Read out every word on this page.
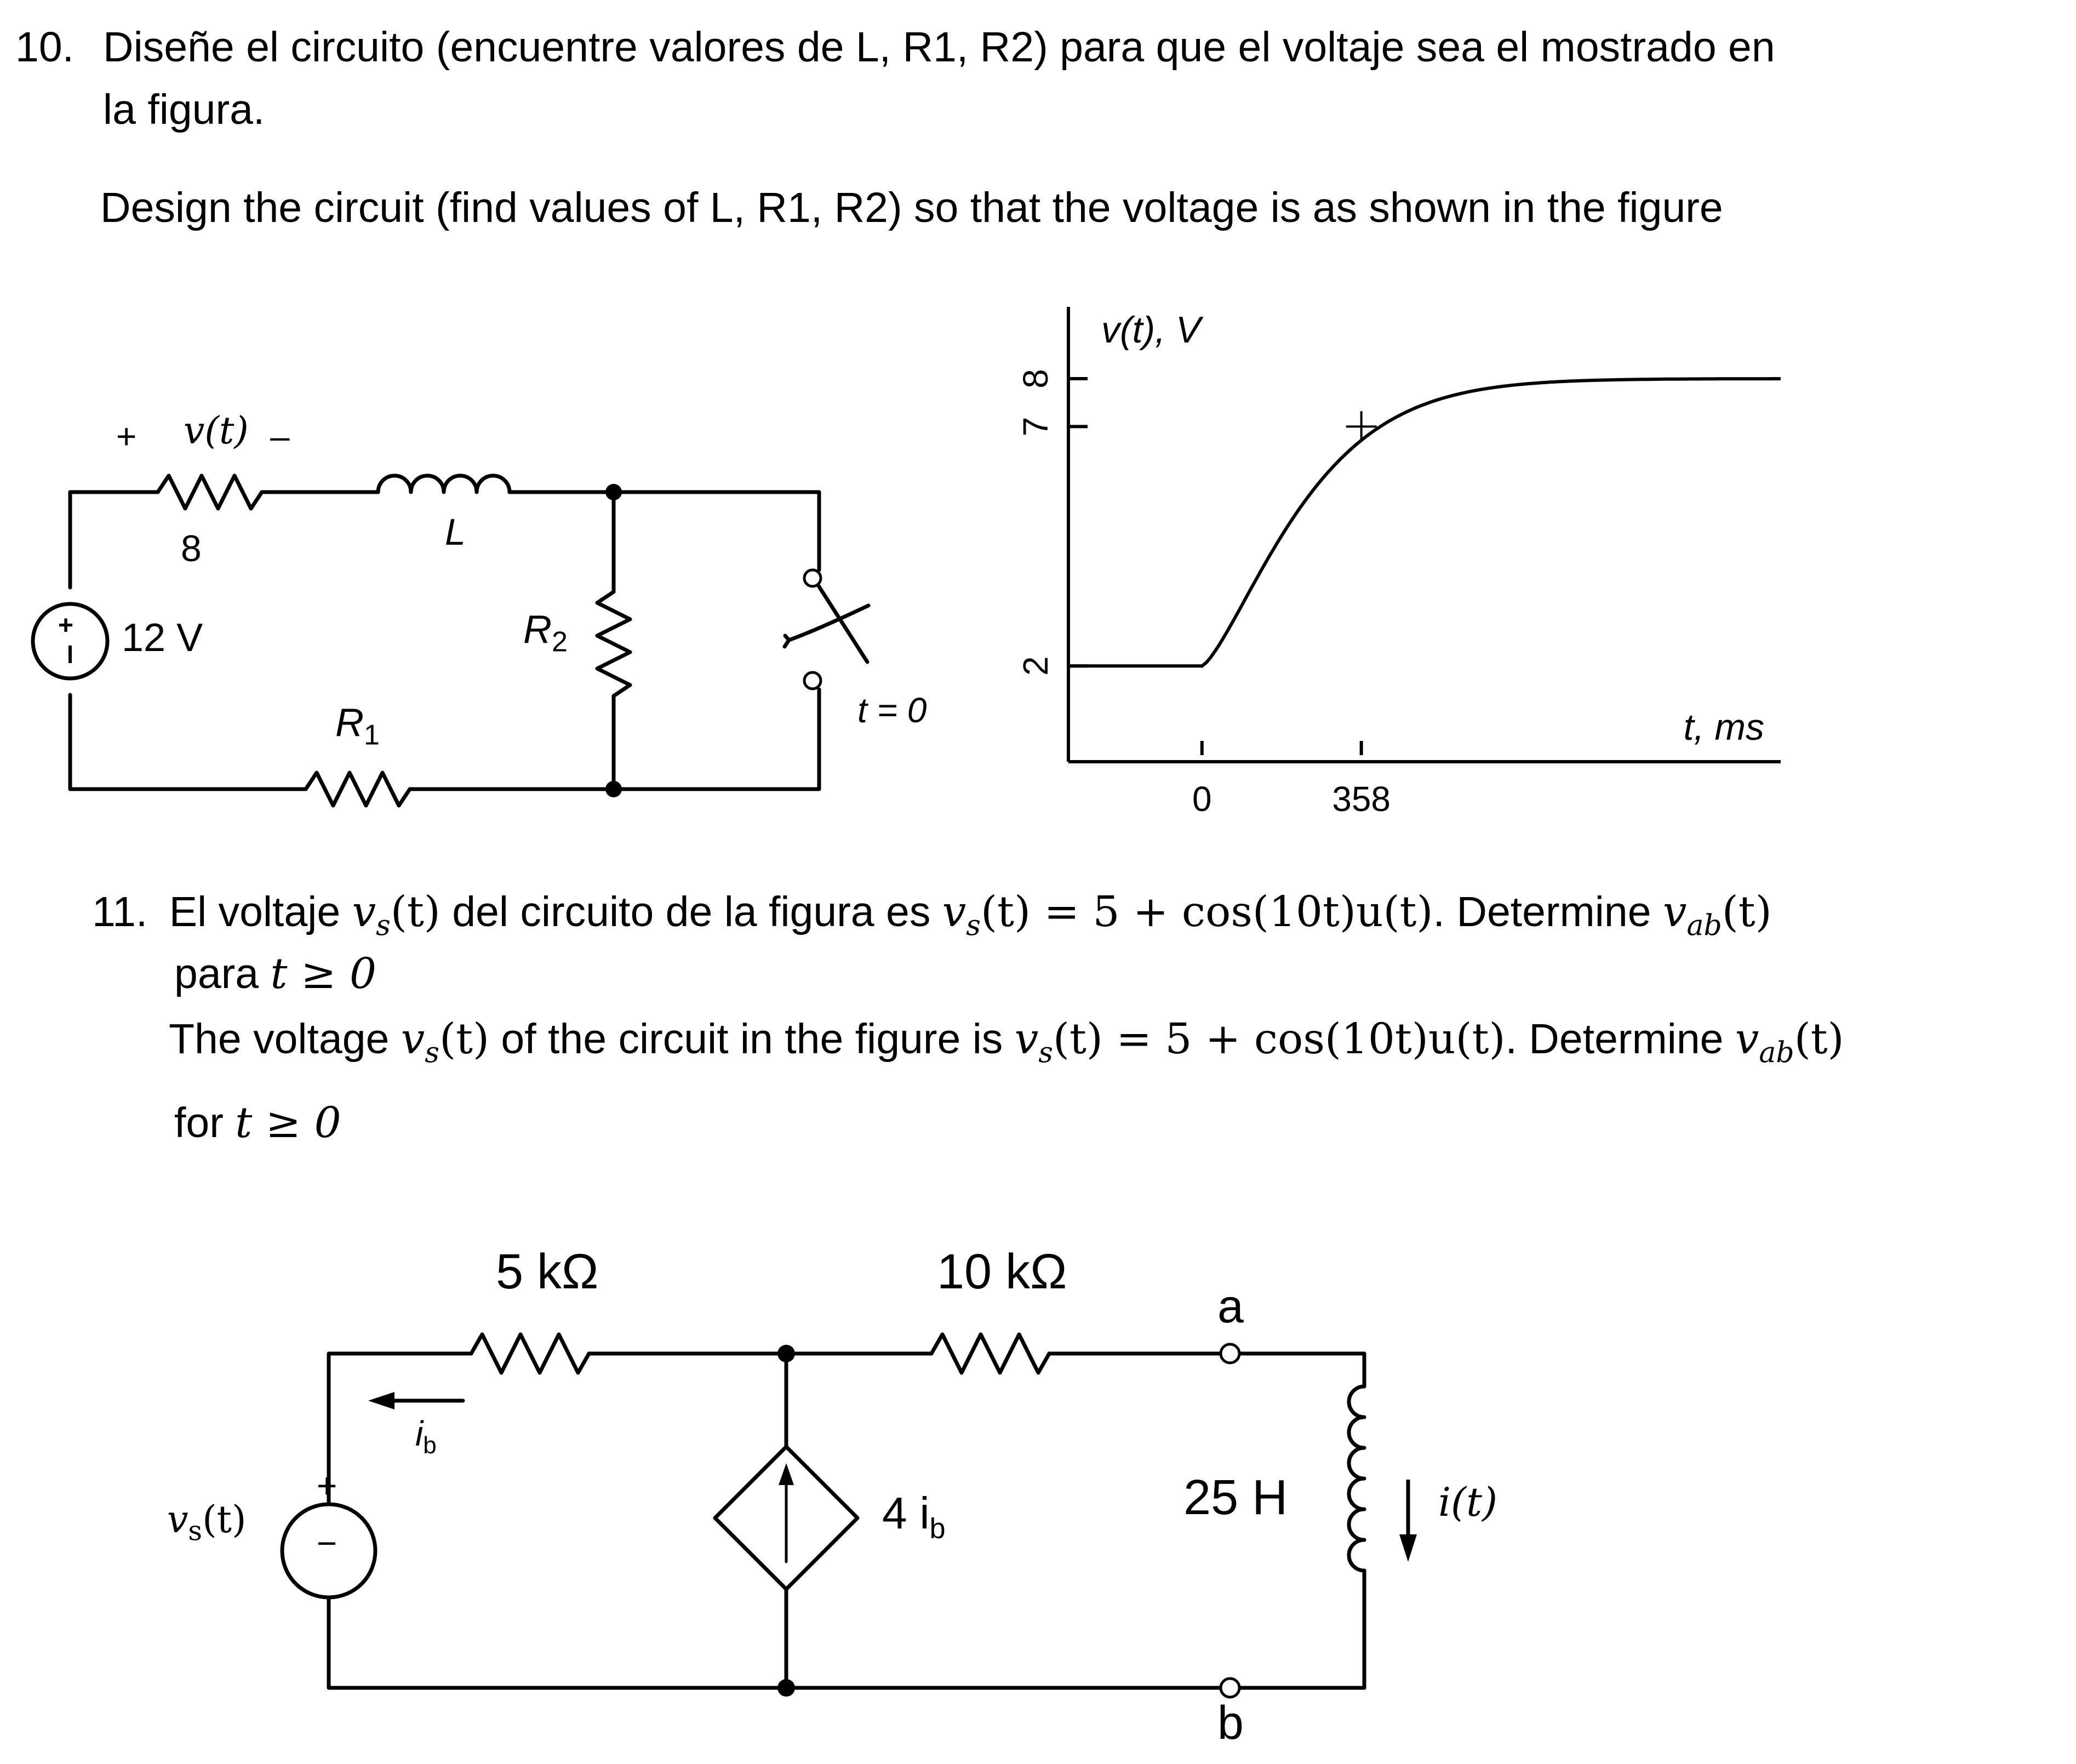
10. Diseñe el circuito (encuentre valores de L, R1, R2) para que el voltaje sea el mostrado en
la figura.
Design the circuit (find values of L, R1, R2) so that the voltage is as shown in the figure
+
+ v(t) –
8	L
12 V	$R_2$
$R_1$
t = 0
8
7
2
0	358
v(t), V
t, ms
11. El voltaje $v_s(t)$ del circuito de la figura es $v_s(t) = 5 + \cos(10t)u(t)$. Determine $v_{ab}(t)$
para t ≥ 0
The voltage $v_s(t)$ of the circuit in the figure is $v_s(t) = 5 + \cos(10t)u(t)$. Determine $v_{ab}(t)$
for t ≥ 0
5 kΩ	10 kΩ
a
b
$i_b$
$v_s(t)$
+
−
4 $i_b$
25 H	i(t)
